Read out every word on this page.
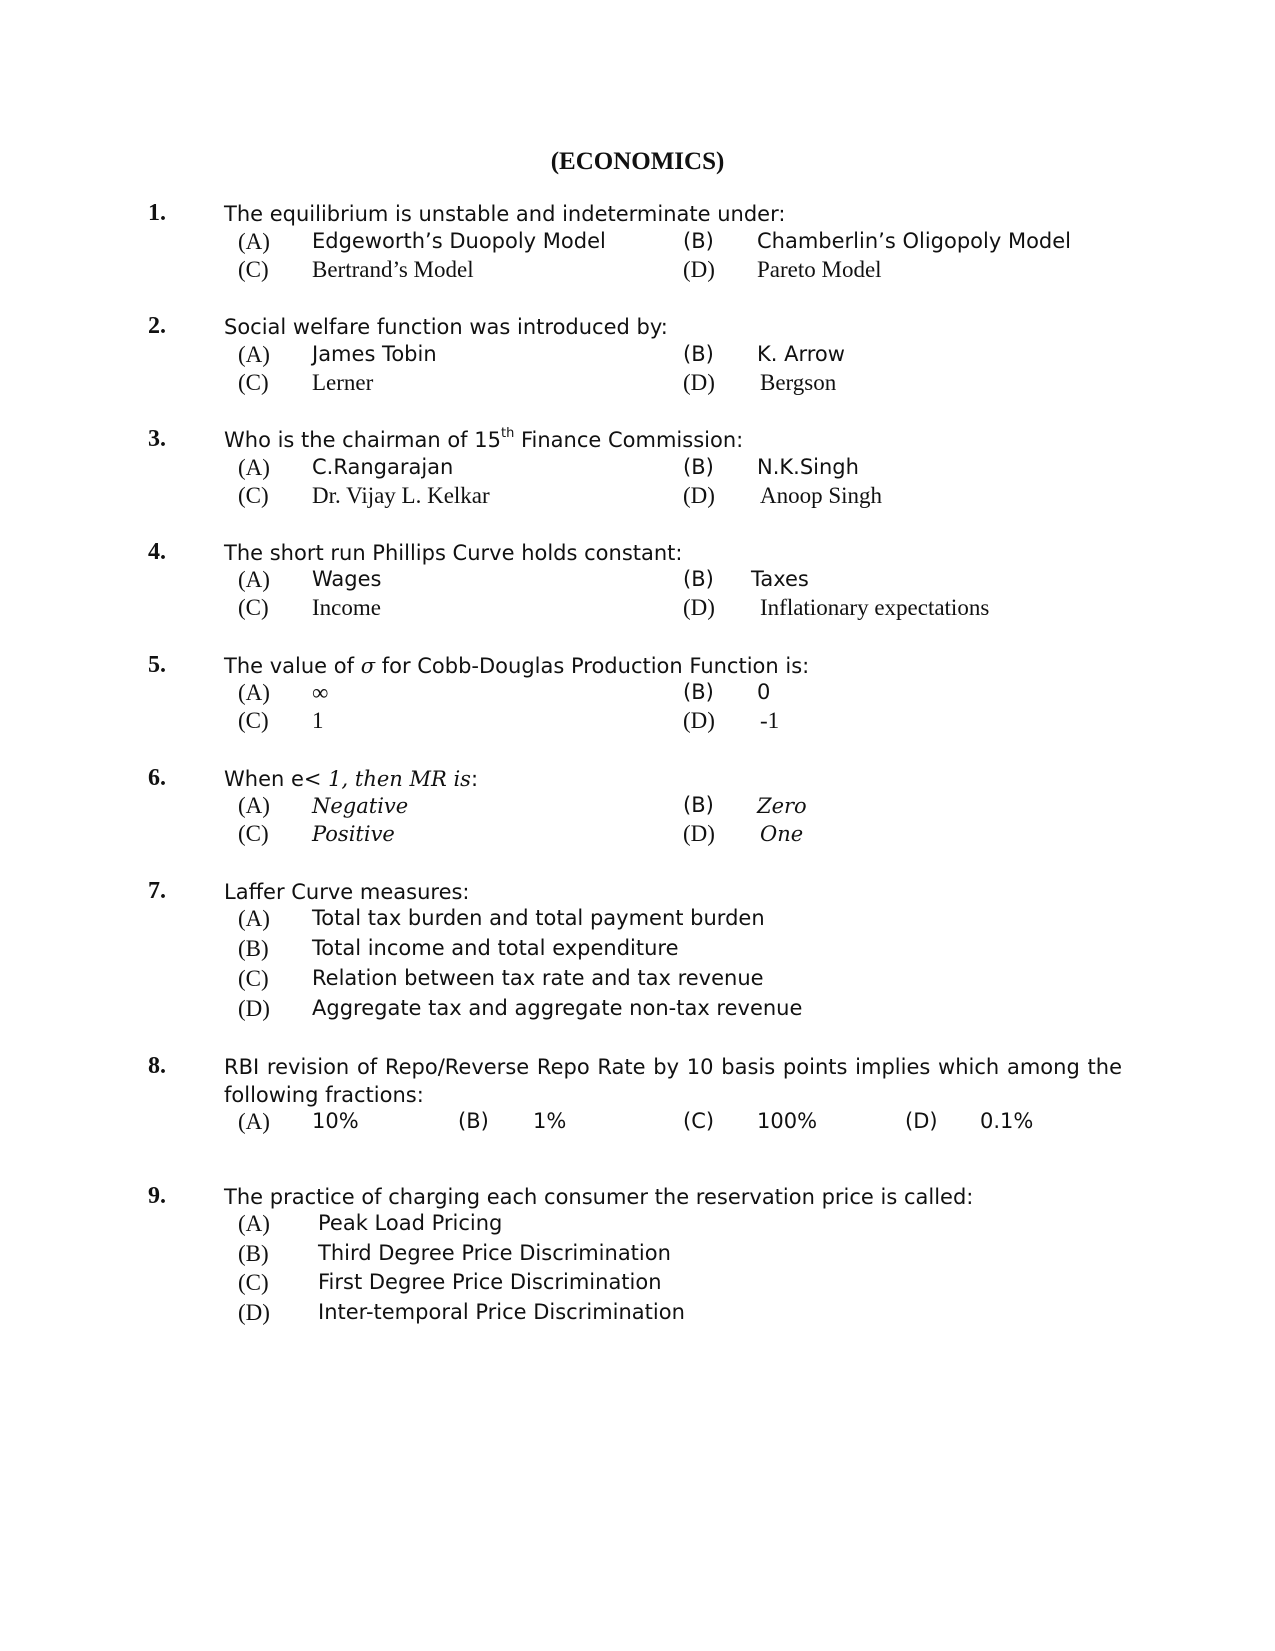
(ECONOMICS)
1.	The equilibrium is unstable and indeterminate under:
(A) Edgeworth’s Duopoly Model	(B) Chamberlin’s Oligopoly Model
(C) Bertrand’s Model	(D) Pareto Model
2.	Social welfare function was introduced by:
(A) James Tobin	(B) K. Arrow
(C) Lerner	(D) Bergson
3.	Who is the chairman of 15th Finance Commission:
(A) C.Rangarajan	(B) N.K.Singh
(C) Dr. Vijay L. Kelkar	(D) Anoop Singh
4.	The short run Phillips Curve holds constant:
(A) Wages	(B) Taxes
(C) Income	(D) Inflationary expectations
5.	The value of σ for Cobb-Douglas Production Function is:
(A) ∞	(B) 0
(C) 1	(D) -1
6.	When e< 1, then MR is:
(A) Negative	(B) Zero
(C) Positive	(D) One
7.	Laffer Curve measures:
(A) Total tax burden and total payment burden
(B) Total income and total expenditure
(C) Relation between tax rate and tax revenue
(D) Aggregate tax and aggregate non-tax revenue
8.	RBI revision of Repo/Reverse Repo Rate by 10 basis points implies which among the
following fractions:
(A) 10%	(B) 1%	(C) 100%	(D) 0.1%
9.	The practice of charging each consumer the reservation price is called:
(A) Peak Load Pricing
(B) Third Degree Price Discrimination
(C) First Degree Price Discrimination
(D) Inter-temporal Price Discrimination
